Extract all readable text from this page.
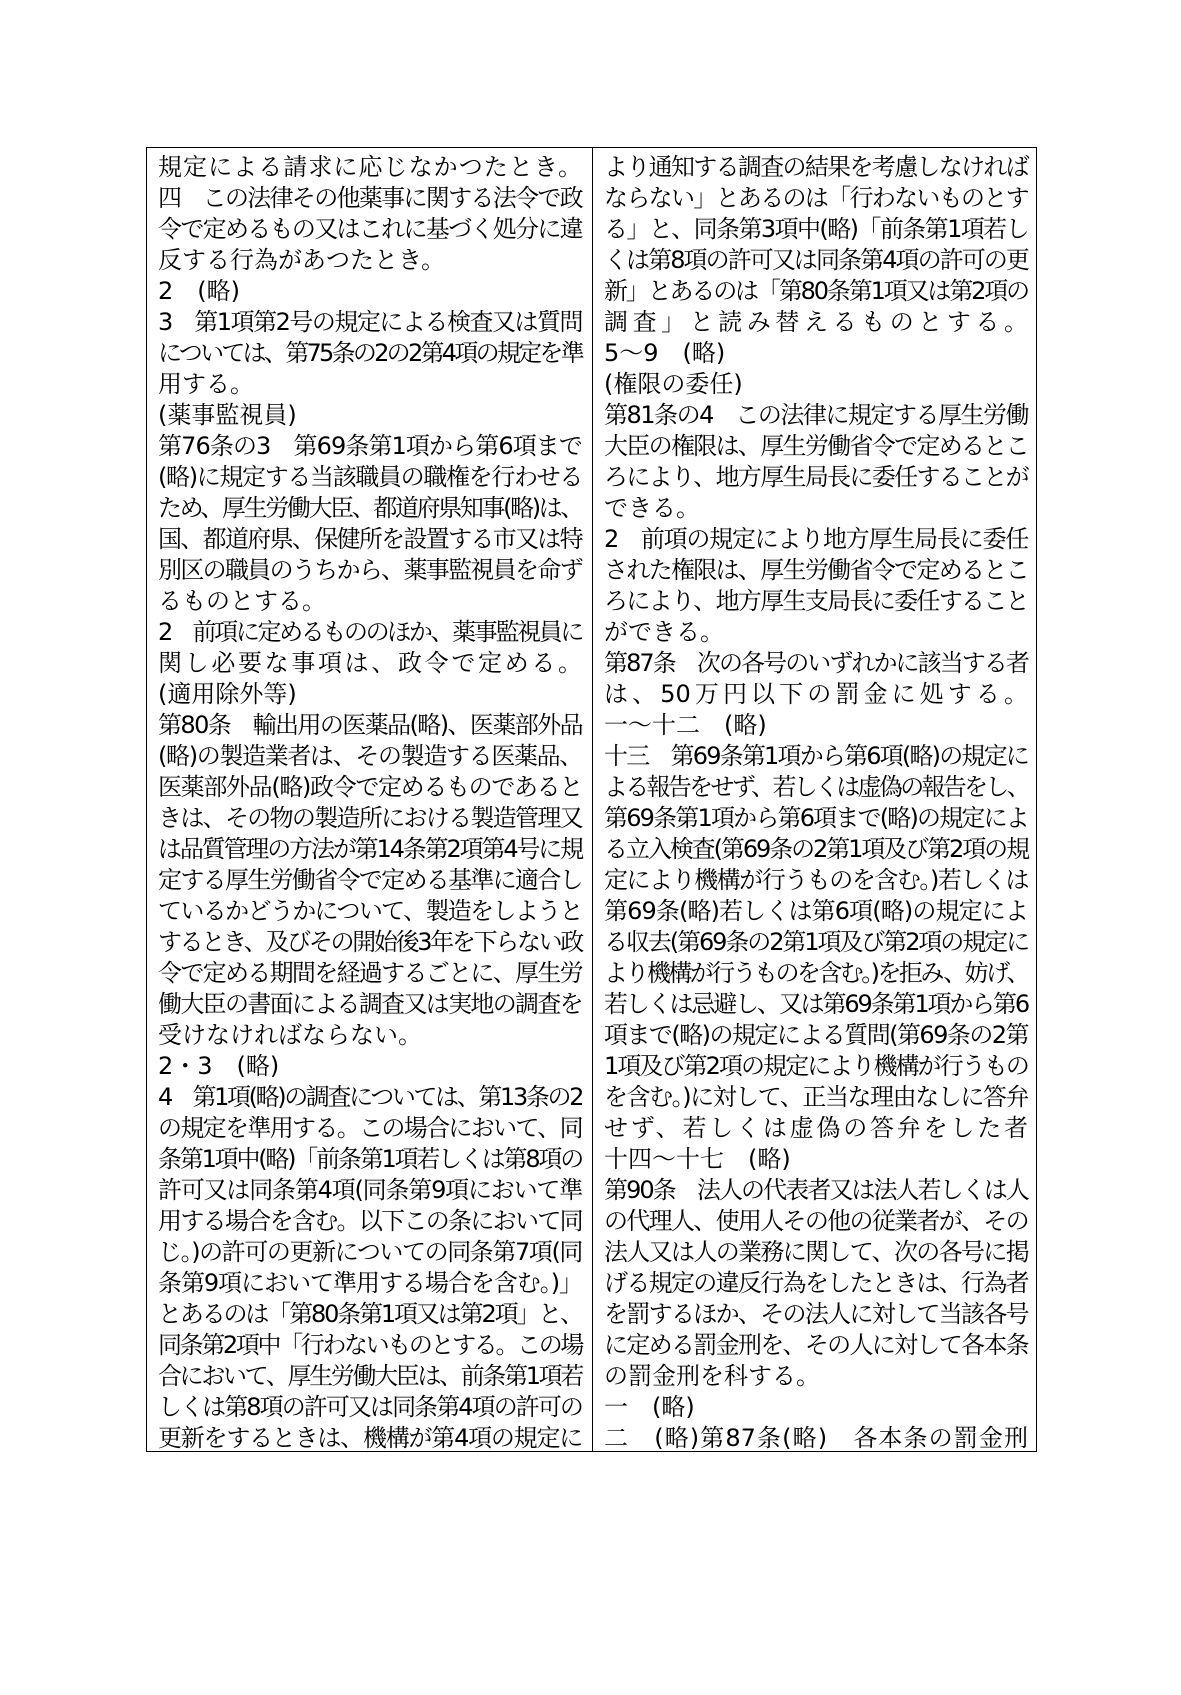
規定による請求に応じなかつたとき。
四　この法律その他薬事に関する法令で政
令で定めるもの又はこれに基づく処分に違
反する行為があつたとき。
2　(略)
3　第1項第2号の規定による検査又は質問
については、第75条の2の2第4項の規定を準
用する。
(薬事監視員)
第76条の3　第69条第1項から第6項まで
(略)に規定する当該職員の職権を行わせる
ため、厚生労働大臣、都道府県知事(略)は、
国、都道府県、保健所を設置する市又は特
別区の職員のうちから、薬事監視員を命ず
るものとする。
2　前項に定めるもののほか、薬事監視員に
関し必要な事項は、政令で定める。
(適用除外等)
第80条　輸出用の医薬品(略)、医薬部外品
(略)の製造業者は、その製造する医薬品、
医薬部外品(略)政令で定めるものであると
きは、その物の製造所における製造管理又
は品質管理の方法が第14条第2項第4号に規
定する厚生労働省令で定める基準に適合し
ているかどうかについて、製造をしようと
するとき、及びその開始後3年を下らない政
令で定める期間を経過するごとに、厚生労
働大臣の書面による調査又は実地の調査を
受けなければならない。
2・3　(略)
4　第1項(略)の調査については、第13条の2
の規定を準用する。この場合において、同
条第1項中(略)「前条第1項若しくは第8項の
許可又は同条第4項(同条第9項において準
用する場合を含む。以下この条において同
じ。)の許可の更新についての同条第7項(同
条第9項において準用する場合を含む。)」
とあるのは「第80条第1項又は第2項」と、
同条第2項中「行わないものとする。この場
合において、厚生労働大臣は、前条第1項若
しくは第8項の許可又は同条第4項の許可の
更新をするときは、機構が第4項の規定に
より通知する調査の結果を考慮しなければ
ならない」とあるのは「行わないものとす
る」と、同条第3項中(略)「前条第1項若し
くは第8項の許可又は同条第4項の許可の更
新」とあるのは「第80条第1項又は第2項の
調査」と読み替えるものとする。
5～9　(略)
(権限の委任)
第81条の4　この法律に規定する厚生労働
大臣の権限は、厚生労働省令で定めるとこ
ろにより、地方厚生局長に委任することが
できる。
2　前項の規定により地方厚生局長に委任
された権限は、厚生労働省令で定めるとこ
ろにより、地方厚生支局長に委任すること
ができる。
第87条　次の各号のいずれかに該当する者
は、50万円以下の罰金に処する。
一～十二　(略)
十三　第69条第1項から第6項(略)の規定に
よる報告をせず、若しくは虚偽の報告をし、
第69条第1項から第6項まで(略)の規定によ
る立入検査(第69条の2第1項及び第2項の規
定により機構が行うものを含む。)若しくは
第69条(略)若しくは第6項(略)の規定によ
る収去(第69条の2第1項及び第2項の規定に
より機構が行うものを含む。)を拒み、妨げ、
若しくは忌避し、又は第69条第1項から第6
項まで(略)の規定による質問(第69条の2第
1項及び第2項の規定により機構が行うもの
を含む。)に対して、正当な理由なしに答弁
せず、若しくは虚偽の答弁をした者
十四～十七　(略)
第90条　法人の代表者又は法人若しくは人
の代理人、使用人その他の従業者が、その
法人又は人の業務に関して、次の各号に掲
げる規定の違反行為をしたときは、行為者
を罰するほか、その法人に対して当該各号
に定める罰金刑を、その人に対して各本条
の罰金刑を科する。
一　(略)
二　(略)第87条(略)　各本条の罰金刑
